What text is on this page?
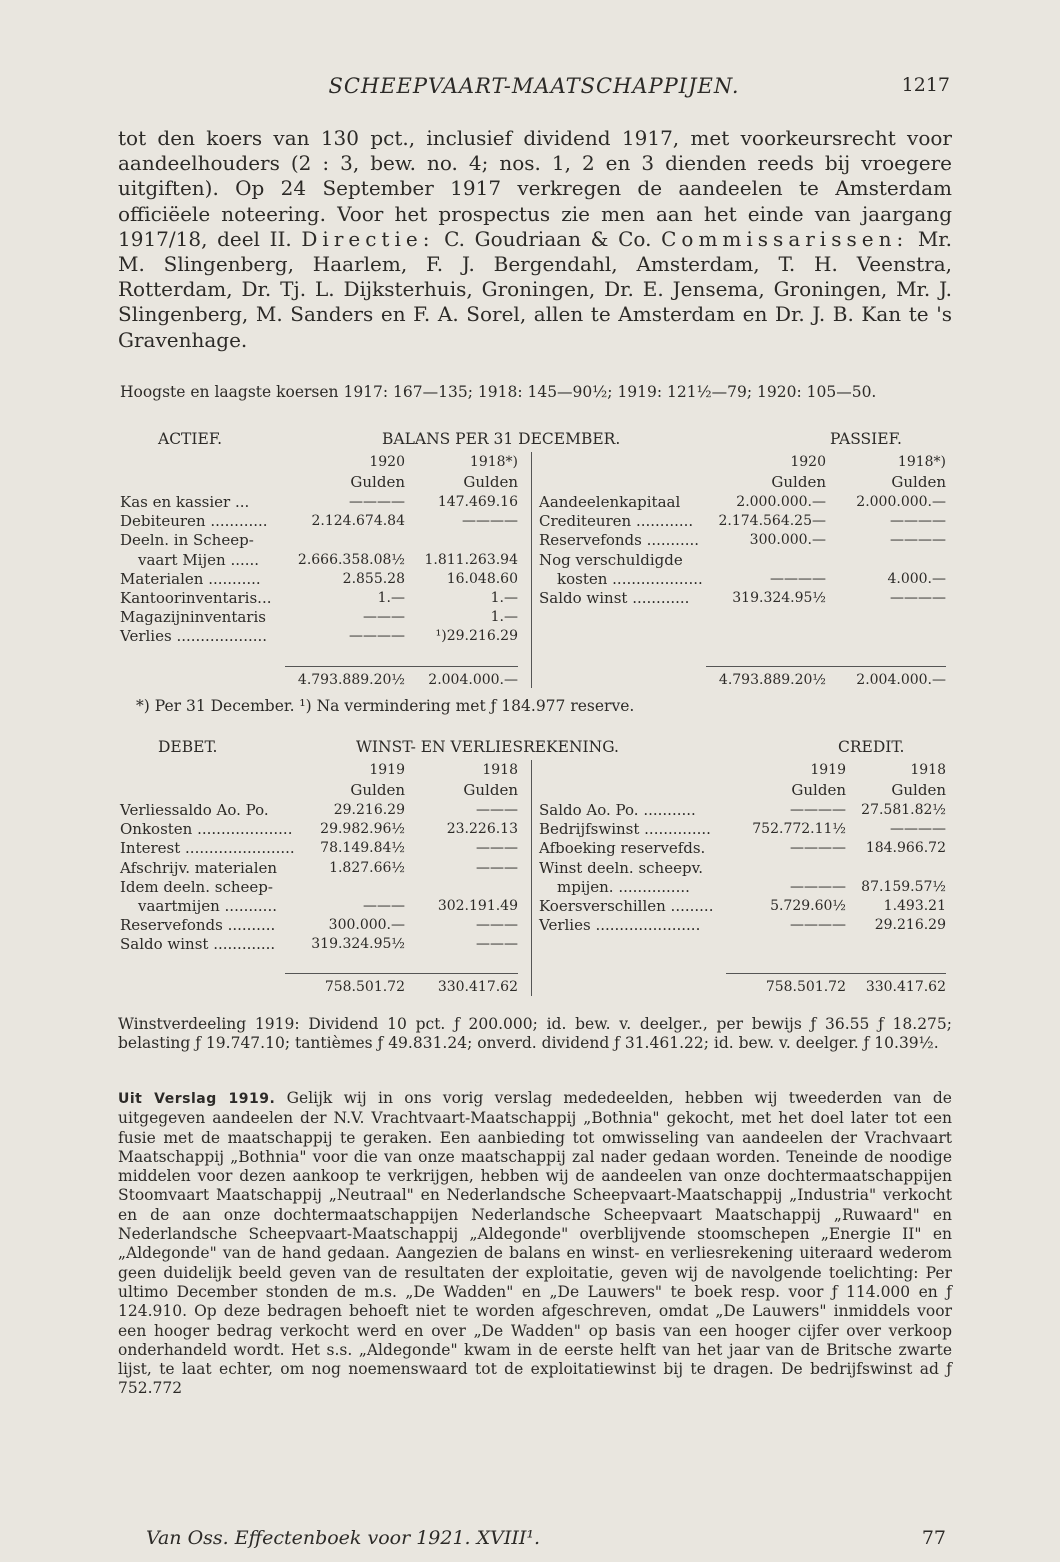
SCHEEPVAART-MAATSCHAPPIJEN.	1217
tot den koers van 130 pct., inclusief dividend 1917, met voorkeursrecht voor aandeelhouders (2 : 3, bew. no. 4; nos. 1, 2 en 3 dienden reeds bij vroegere uitgiften). Op 24 September 1917 verkregen de aandeelen te Amsterdam officiëele noteering. Voor het prospectus zie men aan het einde van jaargang 1917/18, deel II. Directie: C. Goudriaan & Co. Commissarissen: Mr. M. Slingenberg, Haarlem, F. J. Bergendahl, Amsterdam, T. H. Veenstra, Rotterdam, Dr. Tj. L. Dijksterhuis, Groningen, Dr. E. Jensema, Groningen, Mr. J. Slingenberg, M. Sanders en F. A. Sorel, allen te Amsterdam en Dr. J. B. Kan te 's Gravenhage.
Hoogste en laagste koersen 1917: 167—135; 1918: 145—90½; 1919: 121½—79; 1920: 105—50.
ACTIEF.	BALANS PER 31 DECEMBER.	PASSIEF.
1920	1918*)
Gulden	Gulden
Kas en kassier ...	————	147.469.16
Debiteuren ............	2.124.674.84	————
Deeln. in Scheep-
vaart Mijen ......	2.666.358.08½	1.811.263.94
Materialen ...........	2.855.28	16.048.60
Kantoorinventaris...	1.—	1.—
Magazijninventaris	———	1.—
Verlies ...................	————	¹)29.216.29
4.793.889.20½	2.004.000.—
1920	1918*)
Gulden	Gulden
Aandeelenkapitaal	2.000.000.—	2.000.000.—
Crediteuren ............	2.174.564.25—	————
Reservefonds ...........	300.000.—	————
Nog verschuldigde
kosten ...................	————	4.000.—
Saldo winst ............	319.324.95½	————
4.793.889.20½	2.004.000.—
*) Per 31 December. ¹) Na vermindering met ƒ 184.977 reserve.
DEBET.	WINST- EN VERLIESREKENING.	CREDIT.
1919	1918
Gulden	Gulden
Verliessaldo Ao. Po.	29.216.29	———
Onkosten ....................	29.982.96½	23.226.13
Interest .......................	78.149.84½	———
Afschrijv. materialen	1.827.66½	———
Idem deeln. scheep-
vaartmijen ...........	———	302.191.49
Reservefonds ..........	300.000.—	———
Saldo winst .............	319.324.95½	———
758.501.72	330.417.62
1919	1918
Gulden	Gulden
Saldo Ao. Po. ...........	————	27.581.82½
Bedrijfswinst ..............	752.772.11½	————
Afboeking reservefds.	————	184.966.72
Winst deeln. scheepv.
mpijen. ...............	————	87.159.57½
Koersverschillen .........	5.729.60½	1.493.21
Verlies ......................	————	29.216.29
758.501.72	330.417.62
Winstverdeeling 1919: Dividend 10 pct. ƒ 200.000; id. bew. v. deelger., per bewijs ƒ 36.55 ƒ 18.275; belasting ƒ 19.747.10; tantièmes ƒ 49.831.24; onverd. dividend ƒ 31.461.22; id. bew. v. deelger. ƒ 10.39½.
Uit Verslag 1919. Gelijk wij in ons vorig verslag mededeelden, hebben wij tweederden van de uitgegeven aandeelen der N.V. Vrachtvaart-Maatschappij „Bothnia" gekocht, met het doel later tot een fusie met de maatschappij te geraken. Een aanbieding tot omwisseling van aandeelen der Vrachvaart Maatschappij „Bothnia" voor die van onze maatschappij zal nader gedaan worden. Teneinde de noodige middelen voor dezen aankoop te verkrijgen, hebben wij de aandeelen van onze dochtermaatschappijen Stoomvaart Maatschappij „Neutraal" en Nederlandsche Scheepvaart-Maatschappij „Industria" verkocht en de aan onze dochtermaatschappijen Nederlandsche Scheepvaart Maatschappij „Ruwaard" en Nederlandsche Scheepvaart-Maatschappij „Aldegonde" overblijvende stoomschepen „Energie II" en „Aldegonde" van de hand gedaan. Aangezien de balans en winst- en verliesrekening uiteraard wederom geen duidelijk beeld geven van de resultaten der exploitatie, geven wij de navolgende toelichting: Per ultimo December stonden de m.s. „De Wadden" en „De Lauwers" te boek resp. voor ƒ 114.000 en ƒ 124.910. Op deze bedragen behoeft niet te worden afgeschreven, omdat „De Lauwers" inmiddels voor een hooger bedrag verkocht werd en over „De Wadden" op basis van een hooger cijfer over verkoop onderhandeld wordt. Het s.s. „Aldegonde" kwam in de eerste helft van het jaar van de Britsche zwarte lijst, te laat echter, om nog noemenswaard tot de exploitatiewinst bij te dragen. De bedrijfswinst ad ƒ 752.772
Van Oss. Effectenboek voor 1921. XVIII¹.	77
